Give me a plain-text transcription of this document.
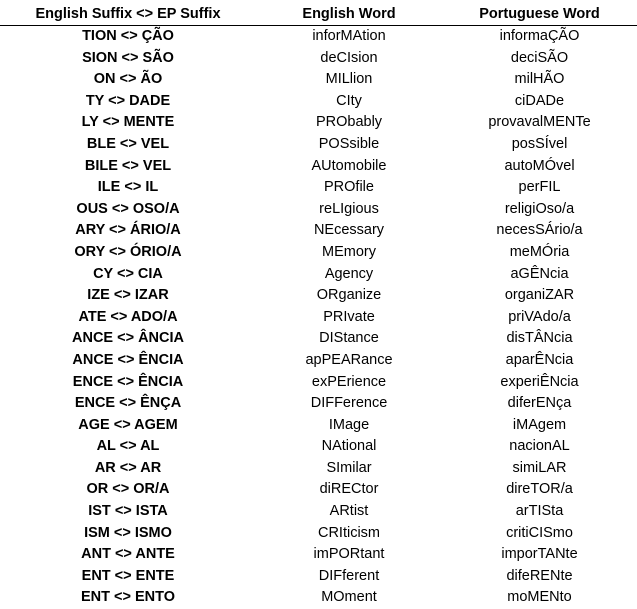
English Suffix <> EP Suffix	English Word	Portuguese Word
TION <> ÇÃO	inforMAtion	informaÇÃO
SION <> SÃO	deCIsion	deciSÃO
ON <> ÃO	MILlion	milHÃO
TY <> DADE	CIty	ciDADe
LY <> MENTE	PRObably	provavalMENTe
BLE <> VEL	POSsible	posSÍvel
BILE <> VEL	AUtomobile	autoMÓvel
ILE <> IL	PROfile	perFIL
OUS <> OSO/A	reLIgious	religiOso/a
ARY <> ÁRIO/A	NEcessary	necesSÁrio/a
ORY <> ÓRIO/A	MEmory	meMÓria
CY <> CIA	Agency	aGÊNcia
IZE <> IZAR	ORganize	organiZAR
ATE <> ADO/A	PRIvate	priVAdo/a
ANCE <> ÂNCIA	DIStance	disTÂNcia
ANCE <> ÊNCIA	apPEARance	aparÊNcia
ENCE <> ÊNCIA	exPErience	experiÊNcia
ENCE <> ÊNÇA	DIFFerence	diferENça
AGE <> AGEM	IMage	iMAgem
AL <> AL	NAtional	nacionAL
AR <> AR	SImilar	simiLAR
OR <> OR/A	diRECtor	direTOR/a
IST <> ISTA	ARtist	arTISta
ISM <> ISMO	CRIticism	critiCISmo
ANT <> ANTE	imPORtant	imporTANte
ENT <> ENTE	DIFferent	difeRENte
ENT <> ENTO	MOment	moMENto
